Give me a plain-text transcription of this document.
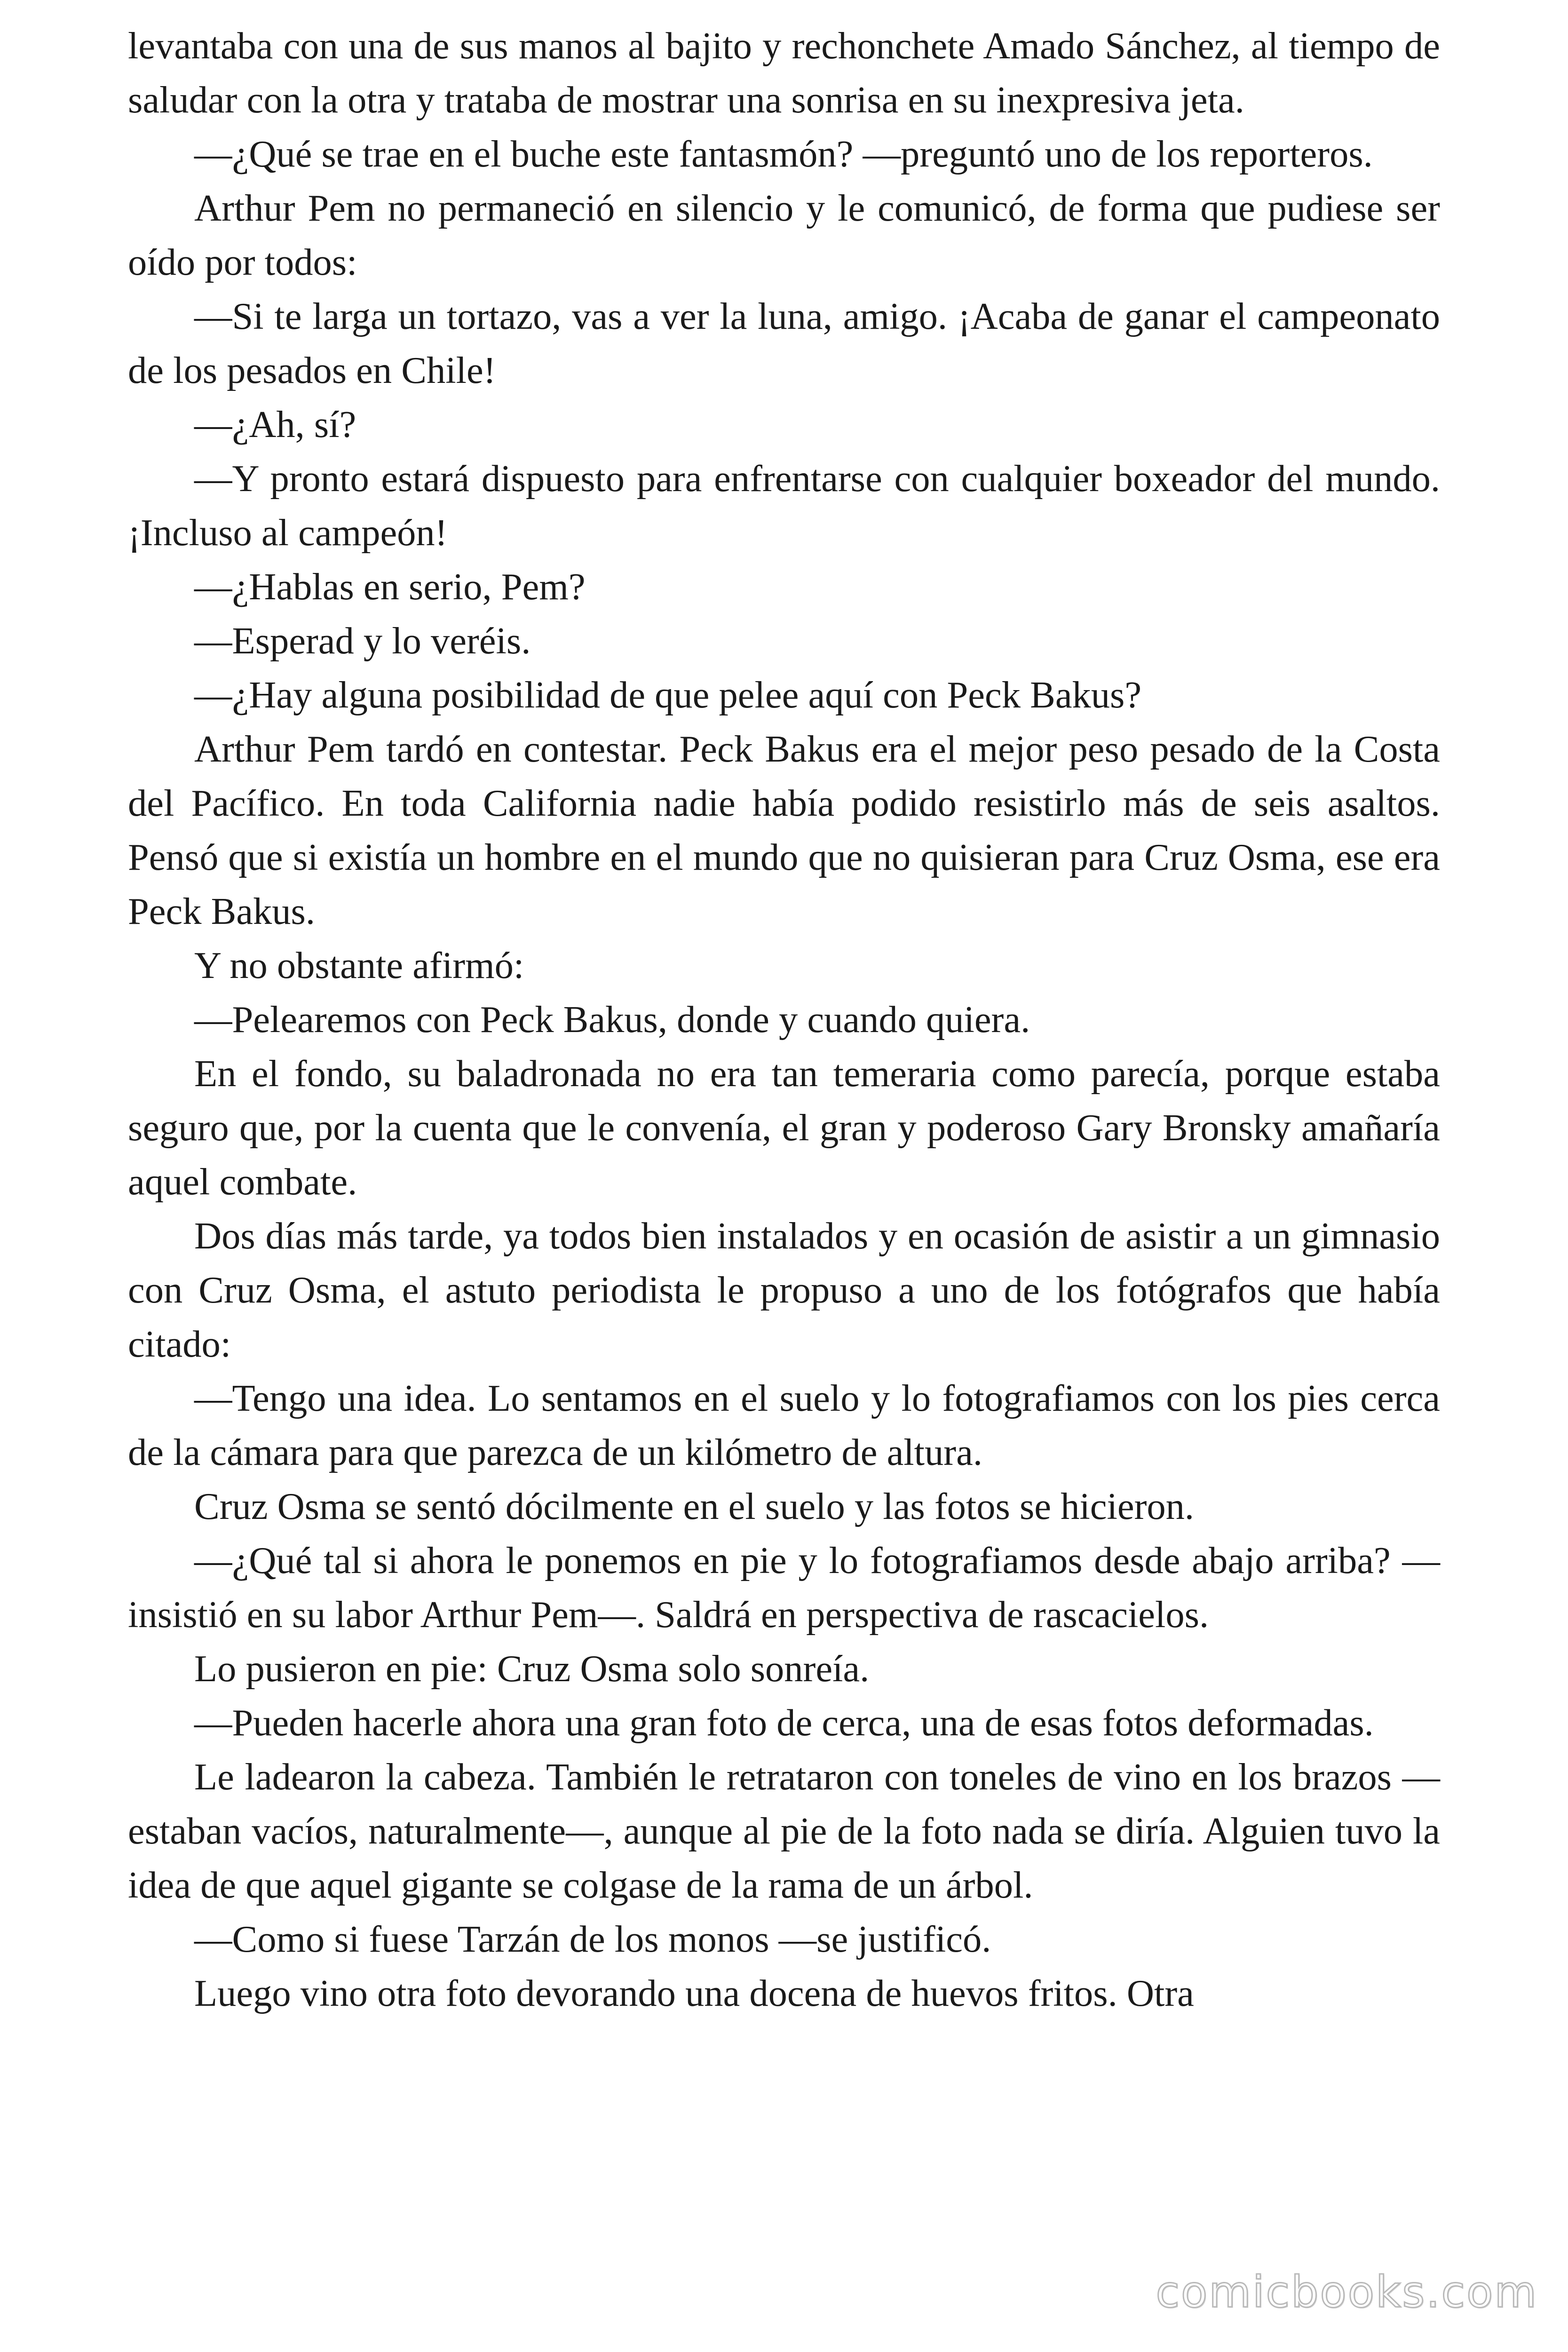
levantaba con una de sus manos al bajito y rechonchete Amado Sánchez, al tiempo de saludar con la otra y trataba de mostrar una sonrisa en su inexpresiva jeta.

—¿Qué se trae en el buche este fantasmón? —preguntó uno de los reporteros.

Arthur Pem no permaneció en silencio y le comunicó, de forma que pudiese ser oído por todos:

—Si te larga un tortazo, vas a ver la luna, amigo. ¡Acaba de ganar el campeonato de los pesados en Chile!

—¿Ah, sí?

—Y pronto estará dispuesto para enfrentarse con cualquier boxeador del mundo. ¡Incluso al campeón!

—¿Hablas en serio, Pem?

—Esperad y lo veréis.

—¿Hay alguna posibilidad de que pelee aquí con Peck Bakus?

Arthur Pem tardó en contestar. Peck Bakus era el mejor peso pesado de la Costa del Pacífico. En toda California nadie había podido resistirlo más de seis asaltos. Pensó que si existía un hombre en el mundo que no quisieran para Cruz Osma, ese era Peck Bakus.

Y no obstante afirmó:

—Pelearemos con Peck Bakus, donde y cuando quiera.

En el fondo, su baladronada no era tan temeraria como parecía, porque estaba seguro que, por la cuenta que le convenía, el gran y poderoso Gary Bronsky amañaría aquel combate.

Dos días más tarde, ya todos bien instalados y en ocasión de asistir a un gimnasio con Cruz Osma, el astuto periodista le propuso a uno de los fotógrafos que había citado:

—Tengo una idea. Lo sentamos en el suelo y lo fotografiamos con los pies cerca de la cámara para que parezca de un kilómetro de altura.

Cruz Osma se sentó dócilmente en el suelo y las fotos se hicieron.

—¿Qué tal si ahora le ponemos en pie y lo fotografiamos desde abajo arriba? —insistió en su labor Arthur Pem—. Saldrá en perspectiva de rascacielos.

Lo pusieron en pie: Cruz Osma solo sonreía.

—Pueden hacerle ahora una gran foto de cerca, una de esas fotos deformadas.

Le ladearon la cabeza. También le retrataron con toneles de vino en los brazos —estaban vacíos, naturalmente—, aunque al pie de la foto nada se diría. Alguien tuvo la idea de que aquel gigante se colgase de la rama de un árbol.

—Como si fuese Tarzán de los monos —se justificó.

Luego vino otra foto devorando una docena de huevos fritos. Otra

comicbooks.com
